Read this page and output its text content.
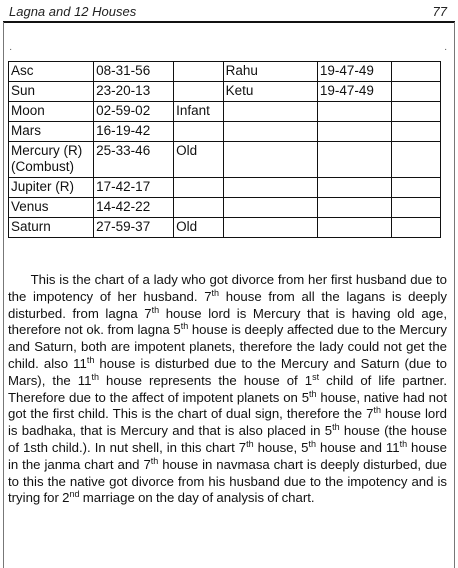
Lagna and 12 Houses	77
·	·
Asc	08-31-56		Rahu	19-47-49	
Sun	23-20-13		Ketu	19-47-49	
Moon	02-59-02	Infant			
Mars	16-19-42				
Mercury (R) (Combust)	25-33-46	Old			
Jupiter (R)	17-42-17				
Venus	14-42-22				
Saturn	27-59-37	Old			
This is the chart of a lady who got divorce from her first husband due to the impotency of her husband. 7th house from all the lagans is deeply disturbed. from lagna 7th house lord is Mercury that is having old age, therefore not ok. from lagna 5th house is deeply affected due to the Mercury and Saturn, both are impotent planets, therefore the lady could not get the child. also 11th house is disturbed due to the Mercury and Saturn (due to Mars), the 11th house represents the house of 1st child of life partner. Therefore due to the affect of impotent planets on 5th house, native had not got the first child. This is the chart of dual sign, therefore the 7th house lord is badhaka, that is Mercury and that is also placed in 5th house (the house of 1sth child.). In nut shell, in this chart 7th house, 5th house and 11th house in the janma chart and 7th house in navmasa chart is deeply disturbed, due to this the native got divorce from his husband due to the impotency and is trying for 2nd marriage on the day of analysis of chart.
